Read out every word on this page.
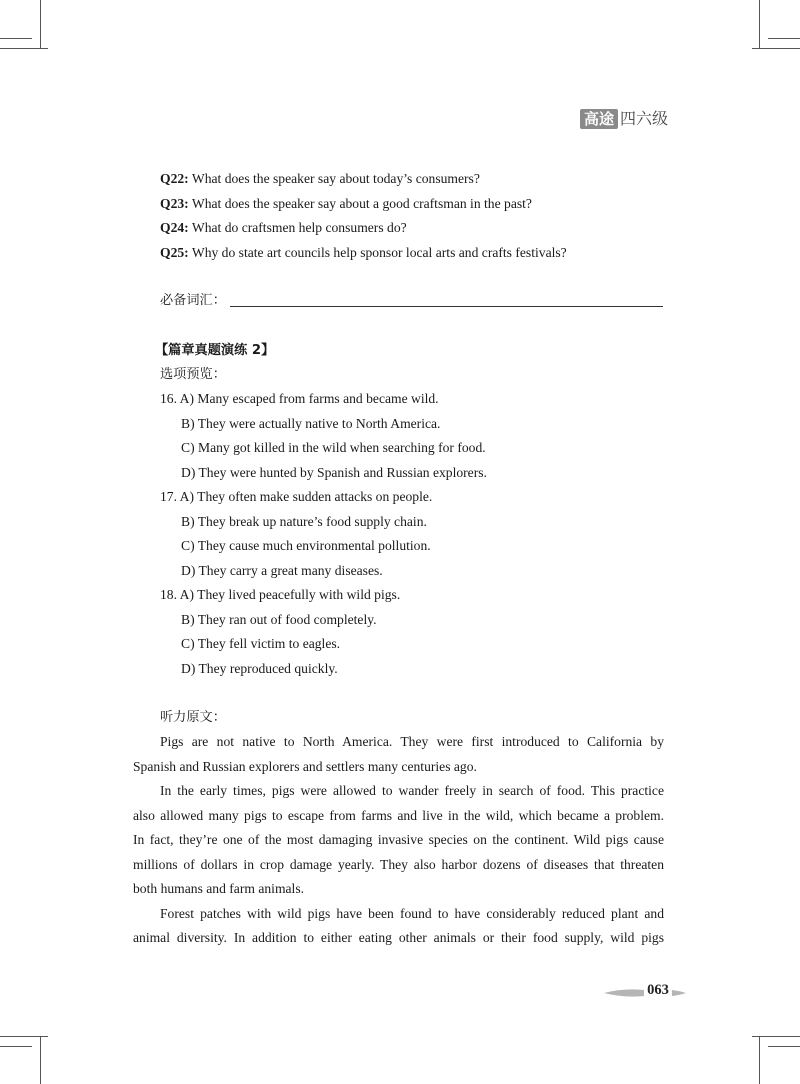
高途 四六级
Q22: What does the speaker say about today’s consumers?
Q23: What does the speaker say about a good craftsman in the past?
Q24: What do craftsmen help consumers do?
Q25: Why do state art councils help sponsor local arts and crafts festivals?
必备词汇：
【篇章真题演练 2】
选项预览：
16. A) Many escaped from farms and became wild.
B) They were actually native to North America.
C) Many got killed in the wild when searching for food.
D) They were hunted by Spanish and Russian explorers.
17. A) They often make sudden attacks on people.
B) They break up nature’s food supply chain.
C) They cause much environmental pollution.
D) They carry a great many diseases.
18. A) They lived peacefully with wild pigs.
B) They ran out of food completely.
C) They fell victim to eagles.
D) They reproduced quickly.
听力原文：
Pigs are not native to North America. They were first introduced to California by
Spanish and Russian explorers and settlers many centuries ago.
In the early times, pigs were allowed to wander freely in search of food. This practice
also allowed many pigs to escape from farms and live in the wild, which became a problem.
In fact, they’re one of the most damaging invasive species on the continent. Wild pigs cause
millions of dollars in crop damage yearly. They also harbor dozens of diseases that threaten
both humans and farm animals.
Forest patches with wild pigs have been found to have considerably reduced plant and
animal diversity. In addition to either eating other animals or their food supply, wild pigs
063
